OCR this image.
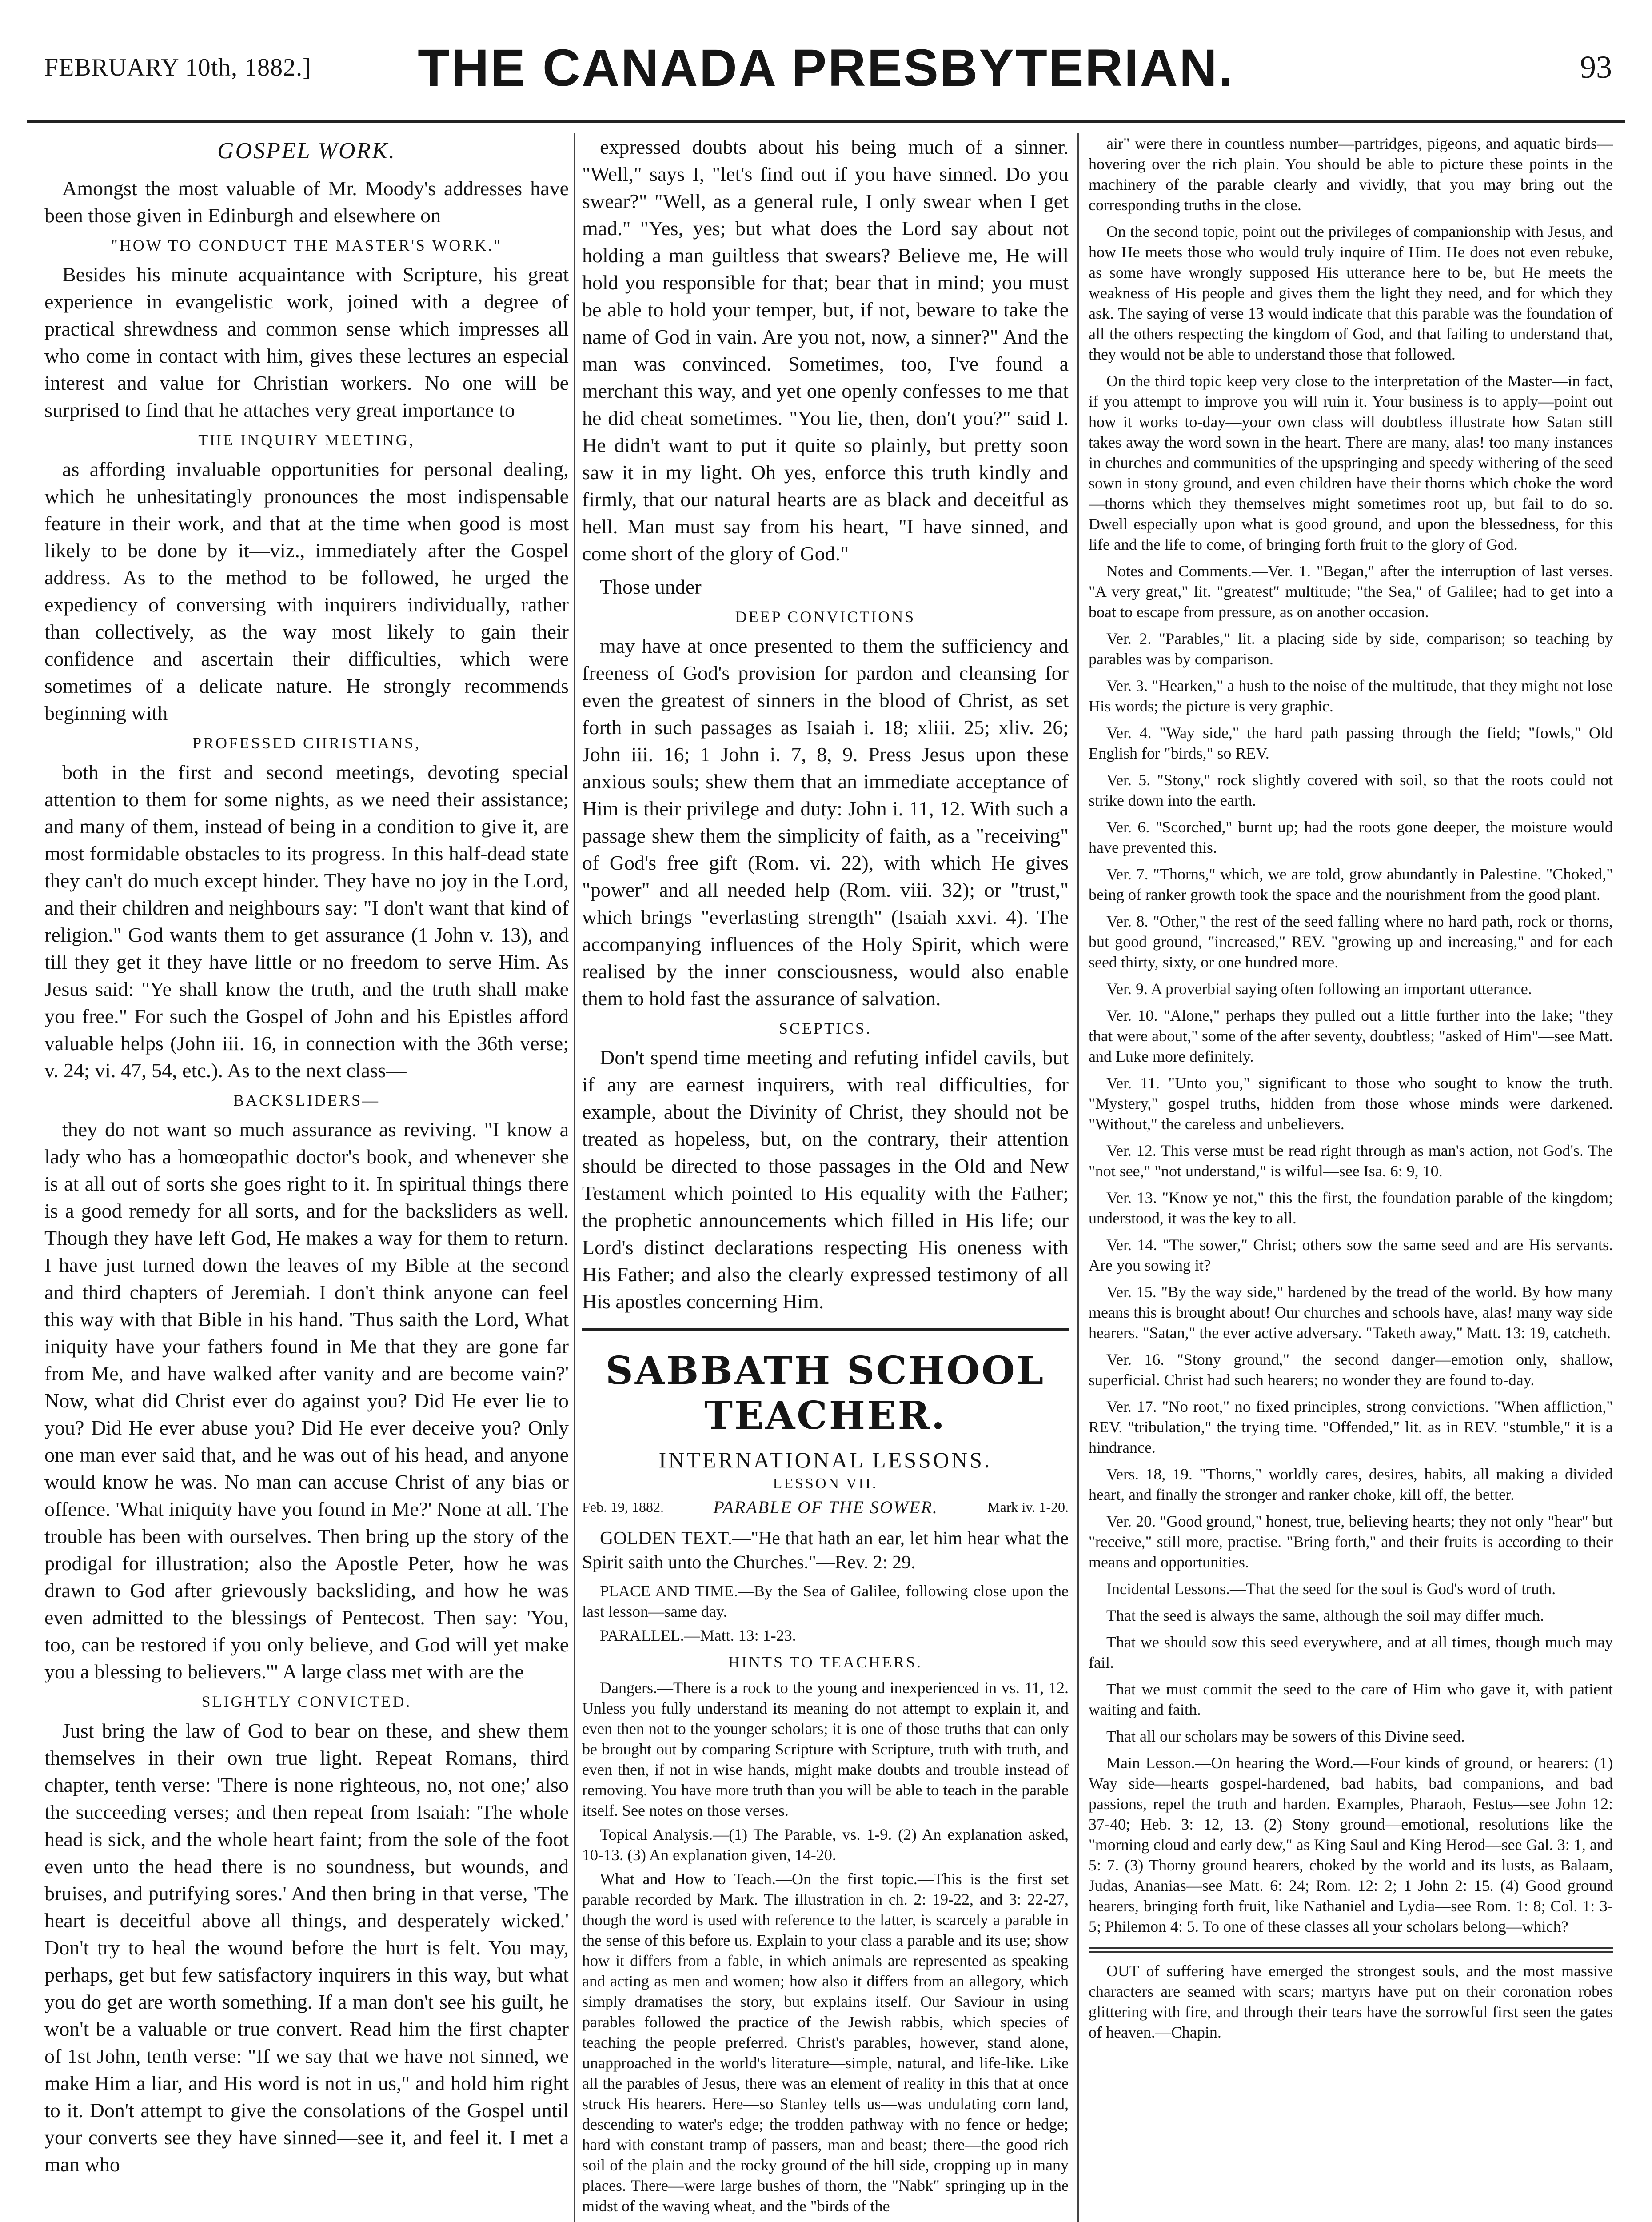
FEBRUARY 10th, 1882.]	THE CANADA PRESBYTERIAN.	93
GOSPEL WORK.

Amongst the most valuable of Mr. Moody's addresses have been those given in Edinburgh and elsewhere on

"HOW TO CONDUCT THE MASTER'S WORK."

Besides his minute acquaintance with Scripture, his great experience in evangelistic work, joined with a degree of practical shrewdness and common sense which impresses all who come in contact with him, gives these lectures an especial interest and value for Christian workers. No one will be surprised to find that he attaches very great importance to

THE INQUIRY MEETING,

as affording invaluable opportunities for personal dealing, which he unhesitatingly pronounces the most indispensable feature in their work, and that at the time when good is most likely to be done by it—viz., immediately after the Gospel address. As to the method to be followed, he urged the expediency of conversing with inquirers individually, rather than collectively, as the way most likely to gain their confidence and ascertain their difficulties, which were sometimes of a delicate nature. He strongly recommends beginning with

PROFESSED CHRISTIANS,

both in the first and second meetings, devoting special attention to them for some nights, as we need their assistance; and many of them, instead of being in a condition to give it, are most formidable obstacles to its progress. In this half-dead state they can't do much except hinder. They have no joy in the Lord, and their children and neighbours say: "I don't want that kind of religion." God wants them to get assurance (1 John v. 13), and till they get it they have little or no freedom to serve Him. As Jesus said: "Ye shall know the truth, and the truth shall make you free." For such the Gospel of John and his Epistles afford valuable helps (John iii. 16, in connection with the 36th verse; v. 24; vi. 47, 54, etc.). As to the next class—

BACKSLIDERS—

they do not want so much assurance as reviving. "I know a lady who has a homœopathic doctor's book, and whenever she is at all out of sorts she goes right to it. In spiritual things there is a good remedy for all sorts, and for the backsliders as well. Though they have left God, He makes a way for them to return. I have just turned down the leaves of my Bible at the second and third chapters of Jeremiah. I don't think anyone can feel this way with that Bible in his hand. 'Thus saith the Lord, What iniquity have your fathers found in Me that they are gone far from Me, and have walked after vanity and are become vain?' Now, what did Christ ever do against you? Did He ever lie to you? Did He ever abuse you? Did He ever deceive you? Only one man ever said that, and he was out of his head, and anyone would know he was. No man can accuse Christ of any bias or offence. 'What iniquity have you found in Me?' None at all. The trouble has been with ourselves. Then bring up the story of the prodigal for illustration; also the Apostle Peter, how he was drawn to God after grievously backsliding, and how he was even admitted to the blessings of Pentecost. Then say: 'You, too, can be restored if you only believe, and God will yet make you a blessing to believers.'" A large class met with are the

SLIGHTLY CONVICTED.

Just bring the law of God to bear on these, and shew them themselves in their own true light. Repeat Romans, third chapter, tenth verse: 'There is none righteous, no, not one;' also the succeeding verses; and then repeat from Isaiah: 'The whole head is sick, and the whole heart faint; from the sole of the foot even unto the head there is no soundness, but wounds, and bruises, and putrifying sores.' And then bring in that verse, 'The heart is deceitful above all things, and desperately wicked.' Don't try to heal the wound before the hurt is felt. You may, perhaps, get but few satisfactory inquirers in this way, but what you do get are worth something. If a man don't see his guilt, he won't be a valuable or true convert. Read him the first chapter of 1st John, tenth verse: "If we say that we have not sinned, we make Him a liar, and His word is not in us," and hold him right to it. Don't attempt to give the consolations of the Gospel until your converts see they have sinned—see it, and feel it. I met a man who

expressed doubts about his being much of a sinner. "Well," says I, "let's find out if you have sinned. Do you swear?" "Well, as a general rule, I only swear when I get mad." "Yes, yes; but what does the Lord say about not holding a man guiltless that swears? Believe me, He will hold you responsible for that; bear that in mind; you must be able to hold your temper, but, if not, beware to take the name of God in vain. Are you not, now, a sinner?" And the man was convinced. Sometimes, too, I've found a merchant this way, and yet one openly confesses to me that he did cheat sometimes. "You lie, then, don't you?" said I. He didn't want to put it quite so plainly, but pretty soon saw it in my light. Oh yes, enforce this truth kindly and firmly, that our natural hearts are as black and deceitful as hell. Man must say from his heart, "I have sinned, and come short of the glory of God."

Those under

DEEP CONVICTIONS

may have at once presented to them the sufficiency and freeness of God's provision for pardon and cleansing for even the greatest of sinners in the blood of Christ, as set forth in such passages as Isaiah i. 18; xliii. 25; xliv. 26; John iii. 16; 1 John i. 7, 8, 9. Press Jesus upon these anxious souls; shew them that an immediate acceptance of Him is their privilege and duty: John i. 11, 12. With such a passage shew them the simplicity of faith, as a "receiving" of God's free gift (Rom. vi. 22), with which He gives "power" and all needed help (Rom. viii. 32); or "trust," which brings "everlasting strength" (Isaiah xxvi. 4). The accompanying influences of the Holy Spirit, which were realised by the inner consciousness, would also enable them to hold fast the assurance of salvation.

SCEPTICS.

Don't spend time meeting and refuting infidel cavils, but if any are earnest inquirers, with real difficulties, for example, about the Divinity of Christ, they should not be treated as hopeless, but, on the contrary, their attention should be directed to those passages in the Old and New Testament which pointed to His equality with the Father; the prophetic announcements which filled in His life; our Lord's distinct declarations respecting His oneness with His Father; and also the clearly expressed testimony of all His apostles concerning Him.

SABBATH SCHOOL TEACHER.
INTERNATIONAL LESSONS.
LESSON VII.
Feb. 19, 1882.	PARABLE OF THE SOWER.	Mark iv. 1-20.

GOLDEN TEXT.—"He that hath an ear, let him hear what the Spirit saith unto the Churches."—Rev. 2: 29.

PLACE AND TIME.—By the Sea of Galilee, following close upon the last lesson—same day.

PARALLEL.—Matt. 13: 1-23.

HINTS TO TEACHERS.

Dangers.—There is a rock to the young and inexperienced in vs. 11, 12. Unless you fully understand its meaning do not attempt to explain it, and even then not to the younger scholars; it is one of those truths that can only be brought out by comparing Scripture with Scripture, truth with truth, and even then, if not in wise hands, might make doubts and trouble instead of removing. You have more truth than you will be able to teach in the parable itself. See notes on those verses.

Topical Analysis.—(1) The Parable, vs. 1-9. (2) An explanation asked, 10-13. (3) An explanation given, 14-20.

What and How to Teach.—On the first topic.—This is the first set parable recorded by Mark. The illustration in ch. 2: 19-22, and 3: 22-27, though the word is used with reference to the latter, is scarcely a parable in the sense of this before us. Explain to your class a parable and its use; show how it differs from a fable, in which animals are represented as speaking and acting as men and women; how also it differs from an allegory, which simply dramatises the story, but explains itself. Our Saviour in using parables followed the practice of the Jewish rabbis, which species of teaching the people preferred. Christ's parables, however, stand alone, unapproached in the world's literature—simple, natural, and life-like. Like all the parables of Jesus, there was an element of reality in this that at once struck His hearers. Here—so Stanley tells us—was undulating corn land, descending to water's edge; the trodden pathway with no fence or hedge; hard with constant tramp of passers, man and beast; there—the good rich soil of the plain and the rocky ground of the hill side, cropping up in many places. There—were large bushes of thorn, the "Nabk" springing up in the midst of the waving wheat, and the "birds of the

air" were there in countless number—partridges, pigeons, and aquatic birds—hovering over the rich plain. You should be able to picture these points in the machinery of the parable clearly and vividly, that you may bring out the corresponding truths in the close.

On the second topic, point out the privileges of companionship with Jesus, and how He meets those who would truly inquire of Him. He does not even rebuke, as some have wrongly supposed His utterance here to be, but He meets the weakness of His people and gives them the light they need, and for which they ask. The saying of verse 13 would indicate that this parable was the foundation of all the others respecting the kingdom of God, and that failing to understand that, they would not be able to understand those that followed.

On the third topic keep very close to the interpretation of the Master—in fact, if you attempt to improve you will ruin it. Your business is to apply—point out how it works to-day—your own class will doubtless illustrate how Satan still takes away the word sown in the heart. There are many, alas! too many instances in churches and communities of the upspringing and speedy withering of the seed sown in stony ground, and even children have their thorns which choke the word—thorns which they themselves might sometimes root up, but fail to do so. Dwell especially upon what is good ground, and upon the blessedness, for this life and the life to come, of bringing forth fruit to the glory of God.

Notes and Comments.—Ver. 1. "Began," after the interruption of last verses. "A very great," lit. "greatest" multitude; "the Sea," of Galilee; had to get into a boat to escape from pressure, as on another occasion.

Ver. 2. "Parables," lit. a placing side by side, comparison; so teaching by parables was by comparison.

Ver. 3. "Hearken," a hush to the noise of the multitude, that they might not lose His words; the picture is very graphic.

Ver. 4. "Way side," the hard path passing through the field; "fowls," Old English for "birds," so REV.

Ver. 5. "Stony," rock slightly covered with soil, so that the roots could not strike down into the earth.

Ver. 6. "Scorched," burnt up; had the roots gone deeper, the moisture would have prevented this.

Ver. 7. "Thorns," which, we are told, grow abundantly in Palestine. "Choked," being of ranker growth took the space and the nourishment from the good plant.

Ver. 8. "Other," the rest of the seed falling where no hard path, rock or thorns, but good ground, "increased," REV. "growing up and increasing," and for each seed thirty, sixty, or one hundred more.

Ver. 9. A proverbial saying often following an important utterance.

Ver. 10. "Alone," perhaps they pulled out a little further into the lake; "they that were about," some of the after seventy, doubtless; "asked of Him"—see Matt. and Luke more definitely.

Ver. 11. "Unto you," significant to those who sought to know the truth. "Mystery," gospel truths, hidden from those whose minds were darkened. "Without," the careless and unbelievers.

Ver. 12. This verse must be read right through as man's action, not God's. The "not see," "not understand," is wilful—see Isa. 6: 9, 10.

Ver. 13. "Know ye not," this the first, the foundation parable of the kingdom; understood, it was the key to all.

Ver. 14. "The sower," Christ; others sow the same seed and are His servants. Are you sowing it?

Ver. 15. "By the way side," hardened by the tread of the world. By how many means this is brought about! Our churches and schools have, alas! many way side hearers. "Satan," the ever active adversary. "Taketh away," Matt. 13: 19, catcheth.

Ver. 16. "Stony ground," the second danger—emotion only, shallow, superficial. Christ had such hearers; no wonder they are found to-day.

Ver. 17. "No root," no fixed principles, strong convictions. "When affliction," REV. "tribulation," the trying time. "Offended," lit. as in REV. "stumble," it is a hindrance.

Vers. 18, 19. "Thorns," worldly cares, desires, habits, all making a divided heart, and finally the stronger and ranker choke, kill off, the better.

Ver. 20. "Good ground," honest, true, believing hearts; they not only "hear" but "receive," still more, practise. "Bring forth," and their fruits is according to their means and opportunities.

Incidental Lessons.—That the seed for the soul is God's word of truth.

That the seed is always the same, although the soil may differ much.

That we should sow this seed everywhere, and at all times, though much may fail.

That we must commit the seed to the care of Him who gave it, with patient waiting and faith.

That all our scholars may be sowers of this Divine seed.

Main Lesson.—On hearing the Word.—Four kinds of ground, or hearers: (1) Way side—hearts gospel-hardened, bad habits, bad companions, and bad passions, repel the truth and harden. Examples, Pharaoh, Festus—see John 12: 37-40; Heb. 3: 12, 13. (2) Stony ground—emotional, resolutions like the "morning cloud and early dew," as King Saul and King Herod—see Gal. 3: 1, and 5: 7. (3) Thorny ground hearers, choked by the world and its lusts, as Balaam, Judas, Ananias—see Matt. 6: 24; Rom. 12: 2; 1 John 2: 15. (4) Good ground hearers, bringing forth fruit, like Nathaniel and Lydia—see Rom. 1: 8; Col. 1: 3-5; Philemon 4: 5. To one of these classes all your scholars belong—which?

OUT of suffering have emerged the strongest souls, and the most massive characters are seamed with scars; martyrs have put on their coronation robes glittering with fire, and through their tears have the sorrowful first seen the gates of heaven.—Chapin.
